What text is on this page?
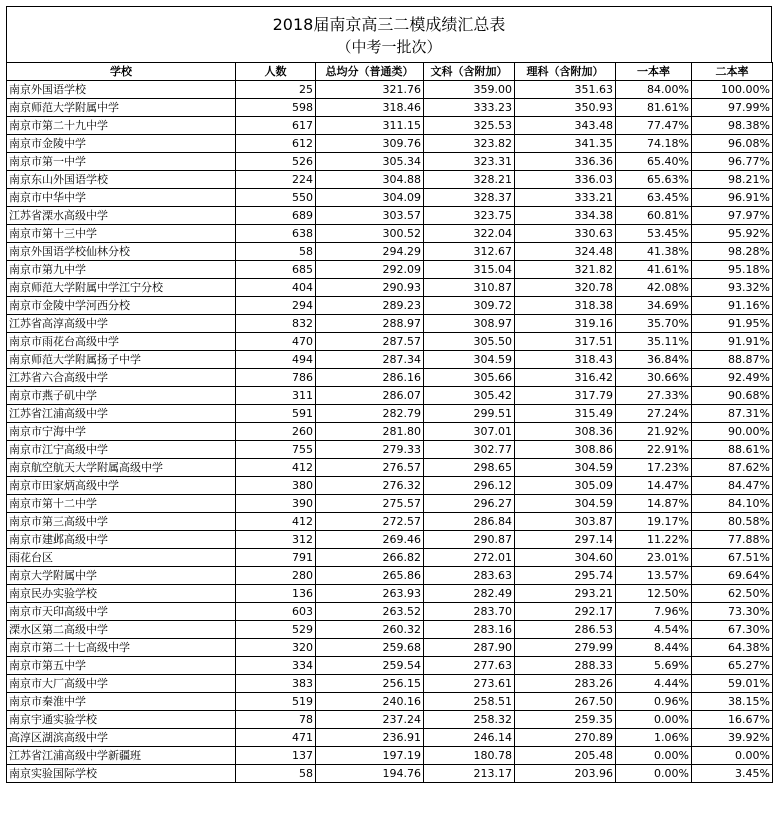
2018届南京高三二模成绩汇总表
（中考一批次）
学校	人数	总均分（普通类）	文科（含附加）	理科（含附加）	一本率	二本率
南京外国语学校	25	321.76	359.00	351.63	84.00%	100.00%
南京师范大学附属中学	598	318.46	333.23	350.93	81.61%	97.99%
南京市第二十九中学	617	311.15	325.53	343.48	77.47%	98.38%
南京市金陵中学	612	309.76	323.82	341.35	74.18%	96.08%
南京市第一中学	526	305.34	323.31	336.36	65.40%	96.77%
南京东山外国语学校	224	304.88	328.21	336.03	65.63%	98.21%
南京市中华中学	550	304.09	328.37	333.21	63.45%	96.91%
江苏省溧水高级中学	689	303.57	323.75	334.38	60.81%	97.97%
南京市第十三中学	638	300.52	322.04	330.63	53.45%	95.92%
南京外国语学校仙林分校	58	294.29	312.67	324.48	41.38%	98.28%
南京市第九中学	685	292.09	315.04	321.82	41.61%	95.18%
南京师范大学附属中学江宁分校	404	290.93	310.87	320.78	42.08%	93.32%
南京市金陵中学河西分校	294	289.23	309.72	318.38	34.69%	91.16%
江苏省高淳高级中学	832	288.97	308.97	319.16	35.70%	91.95%
南京市雨花台高级中学	470	287.57	305.50	317.51	35.11%	91.91%
南京师范大学附属扬子中学	494	287.34	304.59	318.43	36.84%	88.87%
江苏省六合高级中学	786	286.16	305.66	316.42	30.66%	92.49%
南京市燕子矶中学	311	286.07	305.42	317.79	27.33%	90.68%
江苏省江浦高级中学	591	282.79	299.51	315.49	27.24%	87.31%
南京市宁海中学	260	281.80	307.01	308.36	21.92%	90.00%
南京市江宁高级中学	755	279.33	302.77	308.86	22.91%	88.61%
南京航空航天大学附属高级中学	412	276.57	298.65	304.59	17.23%	87.62%
南京市田家炳高级中学	380	276.32	296.12	305.09	14.47%	84.47%
南京市第十二中学	390	275.57	296.27	304.59	14.87%	84.10%
南京市第三高级中学	412	272.57	286.84	303.87	19.17%	80.58%
南京市建邺高级中学	312	269.46	290.87	297.14	11.22%	77.88%
雨花台区	791	266.82	272.01	304.60	23.01%	67.51%
南京大学附属中学	280	265.86	283.63	295.74	13.57%	69.64%
南京民办实验学校	136	263.93	282.49	293.21	12.50%	62.50%
南京市天印高级中学	603	263.52	283.70	292.17	7.96%	73.30%
溧水区第二高级中学	529	260.32	283.16	286.53	4.54%	67.30%
南京市第二十七高级中学	320	259.68	287.90	279.99	8.44%	64.38%
南京市第五中学	334	259.54	277.63	288.33	5.69%	65.27%
南京市大厂高级中学	383	256.15	273.61	283.26	4.44%	59.01%
南京市秦淮中学	519	240.16	258.51	267.50	0.96%	38.15%
南京宇通实验学校	78	237.24	258.32	259.35	0.00%	16.67%
高淳区湖滨高级中学	471	236.91	246.14	270.89	1.06%	39.92%
江苏省江浦高级中学新疆班	137	197.19	180.78	205.48	0.00%	0.00%
南京实验国际学校	58	194.76	213.17	203.96	0.00%	3.45%
